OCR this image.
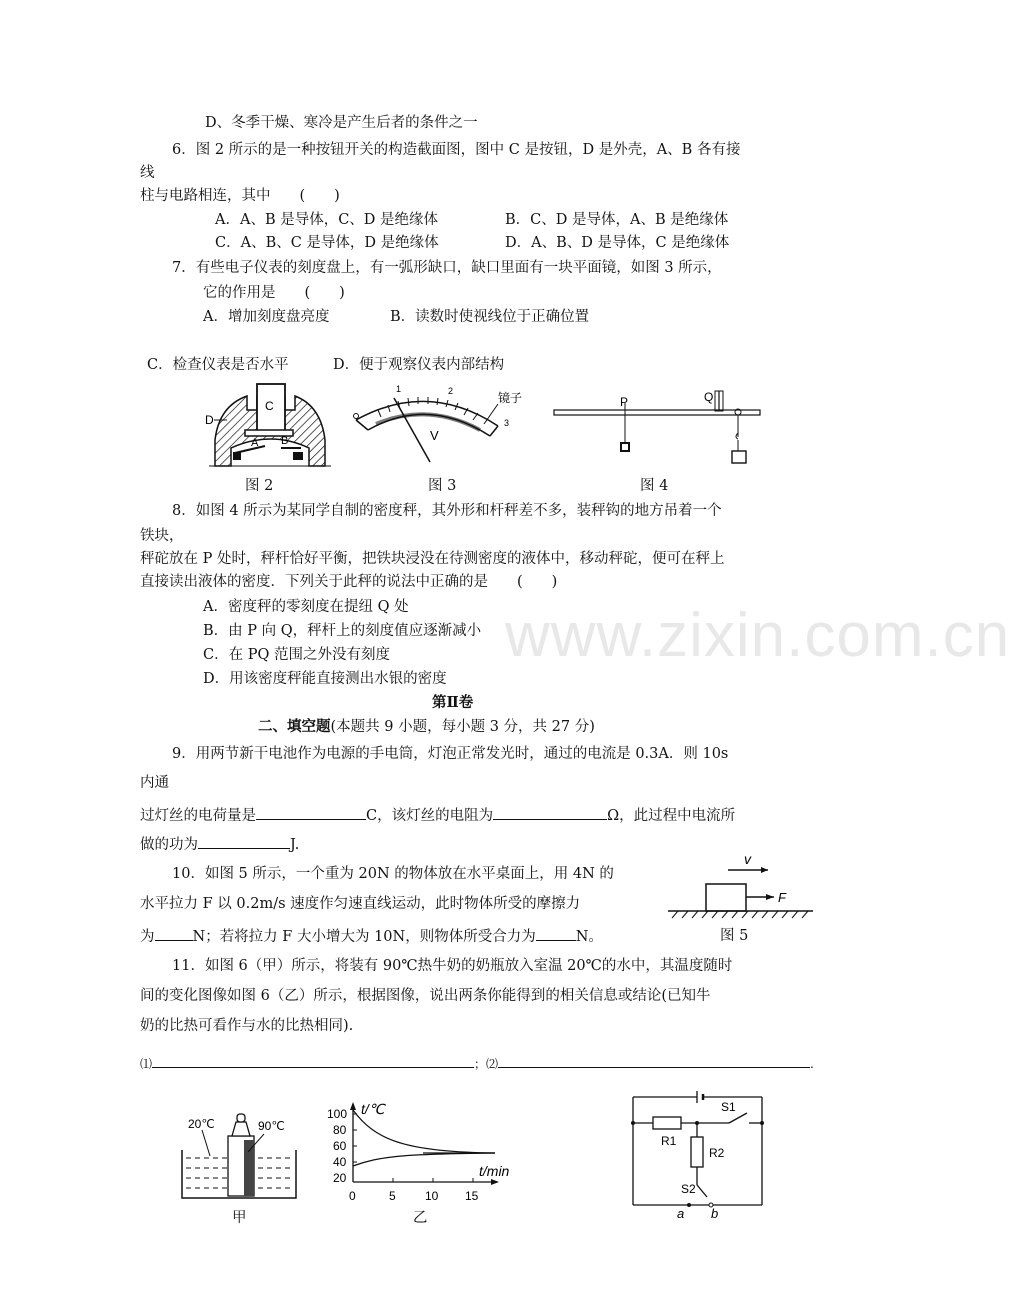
www.zixin.com.cn
D、冬季干燥、寒冷是产生后者的条件之一
6．图 2 所示的是一种按钮开关的构造截面图，图中 C 是按钮，D 是外壳，A、B 各有接
线
柱与电路相连，其中　　(　　)
A．A、B 是导体，C、D 是绝缘体	B．C、D 是导体，A、B 是绝缘体
C．A、B、C 是导体，D 是绝缘体	D．A、B、D 是导体，C 是绝缘体
7．有些电子仪表的刻度盘上，有一弧形缺口，缺口里面有一块平面镜，如图 3 所示，
它的作用是　　(　　)
A．增加刻度盘亮度	B．读数时使视线位于正确位置
C．检查仪表是否水平	D．便于观察仪表内部结构
C
D
A B
图 2
V
镜子
1	2
3
图 3
P	Q
图 4
8．如图 4 所示为某同学自制的密度秤，其外形和杆秤差不多，装秤钩的地方吊着一个
铁块，
秤砣放在 P 处时，秤杆恰好平衡，把铁块浸没在待测密度的液体中，移动秤砣，便可在秤上
直接读出液体的密度．下列关于此秤的说法中正确的是　　(　　)
A．密度秤的零刻度在提纽 Q 处
B．由 P 向 Q，秤杆上的刻度值应逐渐减小
C．在 PQ 范围之外没有刻度
D．用该密度秤能直接测出水银的密度
第Ⅱ卷
二、填空题(本题共 9 小题，每小题 3 分，共 27 分)
9．用两节新干电池作为电源的手电筒，灯泡正常发光时，通过的电流是 0.3A．则 10s
内通
过灯丝的电荷量是	C，该灯丝的电阻为	Ω，此过程中电流所
做的功为	J.
10．如图 5 所示，一个重为 20N 的物体放在水平桌面上，用 4N 的
水平拉力 F 以 0.2m/s 速度作匀速直线运动，此时物体所受的摩擦力
为	N；若将拉力 F 大小增大为 10N，则物体所受合力为	N。
v
F
图 5
11．如图 6（甲）所示，将装有 90℃热牛奶的奶瓶放入室温 20℃的水中，其温度随时
间的变化图像如图 6（乙）所示，根据图像，说出两条你能得到的相关信息或结论(已知牛
奶的比热可看作与水的比热相同).
⑴	；⑵	.
20℃	90℃
甲
t/℃
t/min
100
80
60
40
20
0	5 10 15
乙
R1
R2
S1
S2
a b
